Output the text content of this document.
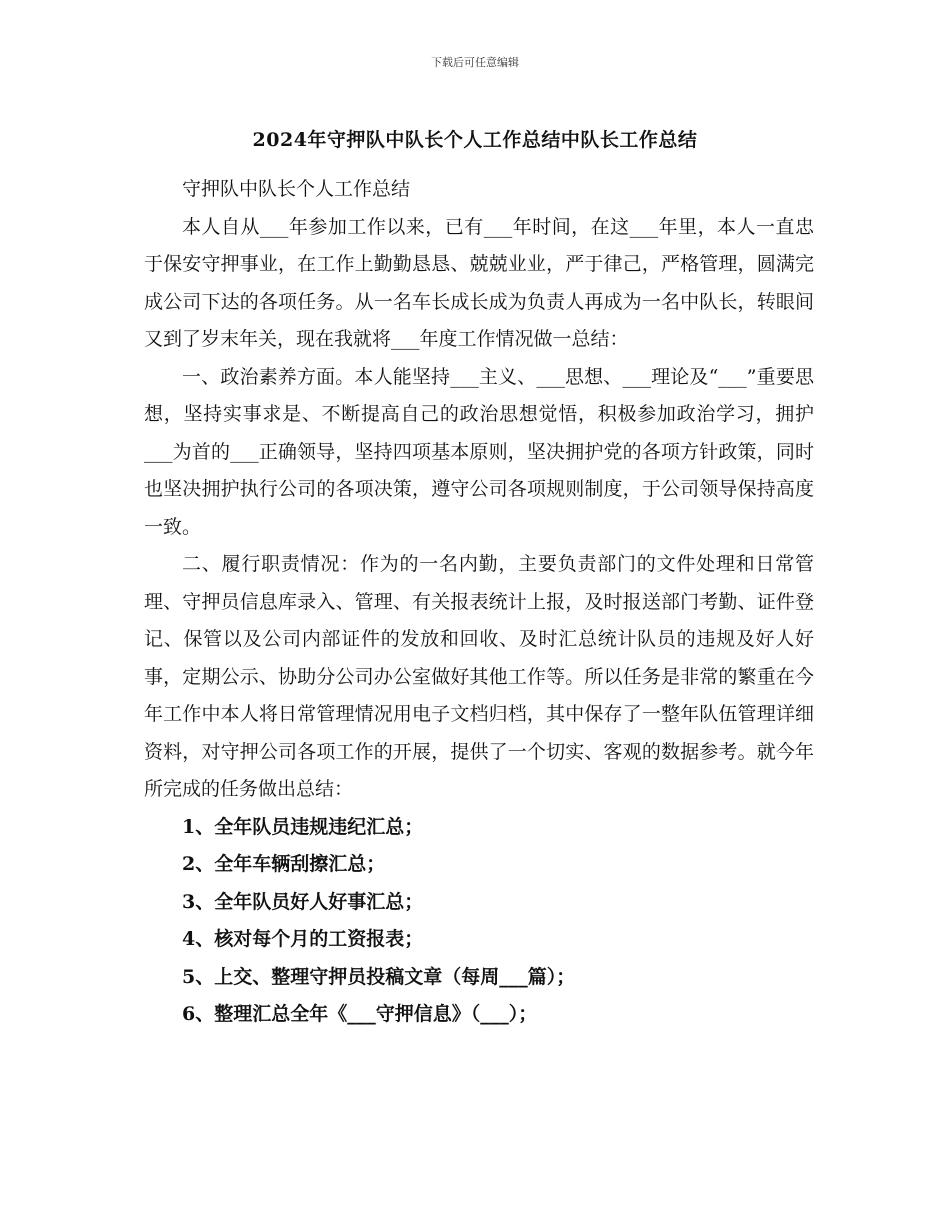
下载后可任意编辑
2024年守押队中队长个人工作总结中队长工作总结

守押队中队长个人工作总结

本人自从___年参加工作以来，已有___年时间，在这___年里，本人一直忠于保安守押事业，在工作上勤勤恳恳、兢兢业业，严于律己，严格管理，圆满完成公司下达的各项任务。从一名车长成长成为负责人再成为一名中队长，转眼间又到了岁末年关，现在我就将___年度工作情况做一总结：

一、政治素养方面。本人能坚持___主义、___思想、___理论及“___”重要思想，坚持实事求是、不断提高自己的政治思想觉悟，积极参加政治学习，拥护___为首的___正确领导，坚持四项基本原则，坚决拥护党的各项方针政策，同时也坚决拥护执行公司的各项决策，遵守公司各项规则制度，于公司领导保持高度一致。

二、履行职责情况：作为的一名内勤，主要负责部门的文件处理和日常管理、守押员信息库录入、管理、有关报表统计上报，及时报送部门考勤、证件登记、保管以及公司内部证件的发放和回收、及时汇总统计队员的违规及好人好事，定期公示、协助分公司办公室做好其他工作等。所以任务是非常的繁重在今年工作中本人将日常管理情况用电子文档归档，其中保存了一整年队伍管理详细资料，对守押公司各项工作的开展，提供了一个切实、客观的数据参考。就今年所完成的任务做出总结：

1、全年队员违规违纪汇总；
2、全年车辆刮擦汇总；
3、全年队员好人好事汇总；
4、核对每个月的工资报表；
5、上交、整理守押员投稿文章（每周___篇）；
6、整理汇总全年《___守押信息》（___）；
